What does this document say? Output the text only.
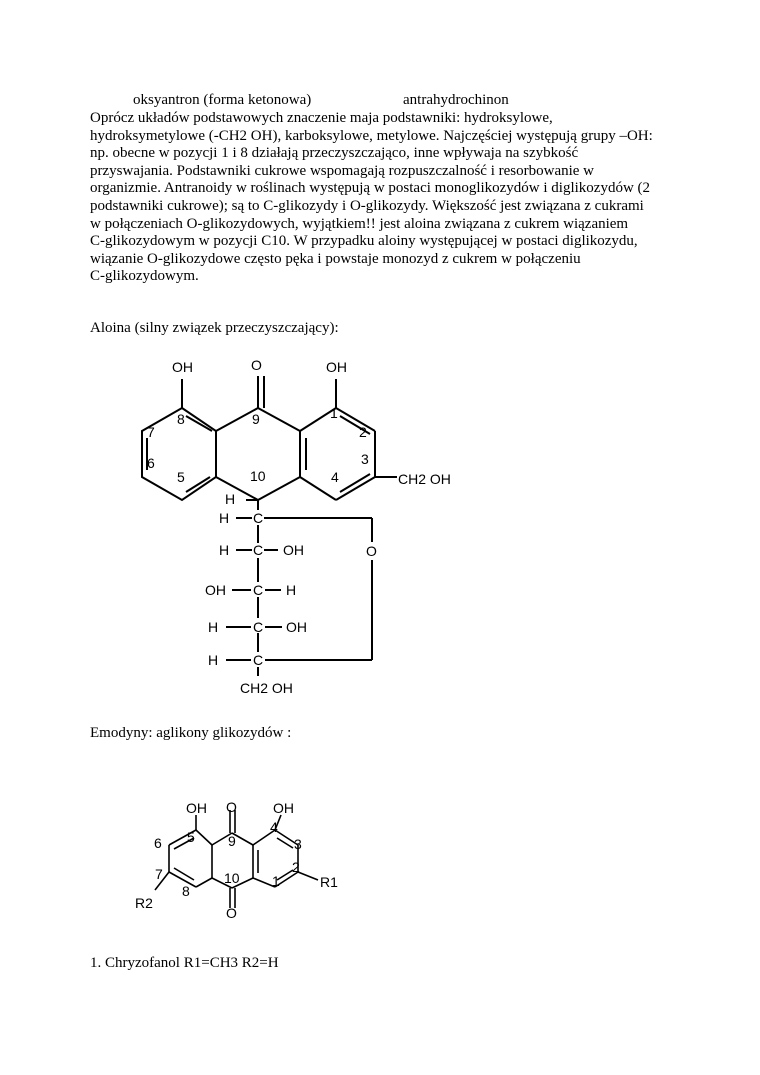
oksyantron (forma ketonowa)	antrahydrochinon

Oprócz układów podstawowych znaczenie maja podstawniki: hydroksylowe,
hydroksymetylowe (-CH2 OH), karboksylowe, metylowe. Najczęściej występują grupy –OH:
np. obecne w pozycji 1 i 8 działają przeczyszczająco, inne wpływaja na szybkość
przyswajania. Podstawniki cukrowe wspomagają rozpuszczalność i resorbowanie w
organizmie. Antranoidy w roślinach występują w postaci monoglikozydów i diglikozydów (2
podstawniki cukrowe); są to C-glikozydy i O-glikozydy. Większość jest związana z cukrami
w połączeniach O-glikozydowych, wyjątkiem!! jest aloina związana z cukrem wiązaniem
C-glikozydowym w pozycji C10. W przypadku aloiny występującej w postaci diglikozydu,
wiązanie O-glikozydowe często pęka i powstaje monozyd z cukrem w połączeniu
C-glikozydowym.

Aloina (silny związek przeczyszczający):
OH	O	OH
8
7
6
5
9
10
1
2
3
4	CH2 OH
H
H C
H C OH
OH C H
H C OH
H C
CH2 OH
O
Emodyny: aglikony glikozydów :
OH O	OH
5 9
4
3
6
7
8
10 1
2
R1
R2
O
1. Chryzofanol R1=CH3 R2=H
